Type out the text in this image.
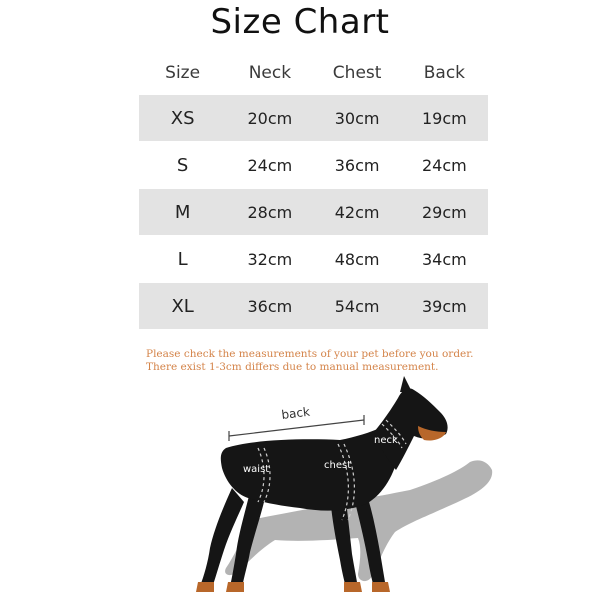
Size Chart
Size	Neck	Chest	Back
XS	20cm	30cm	19cm
S	24cm	36cm	24cm
M	28cm	42cm	29cm
L	32cm	48cm	34cm
XL	36cm	54cm	39cm
Please check the measurements of your pet before you order.
There exist 1-3cm differs due to manual measurement.
back
waist	chest
neck
